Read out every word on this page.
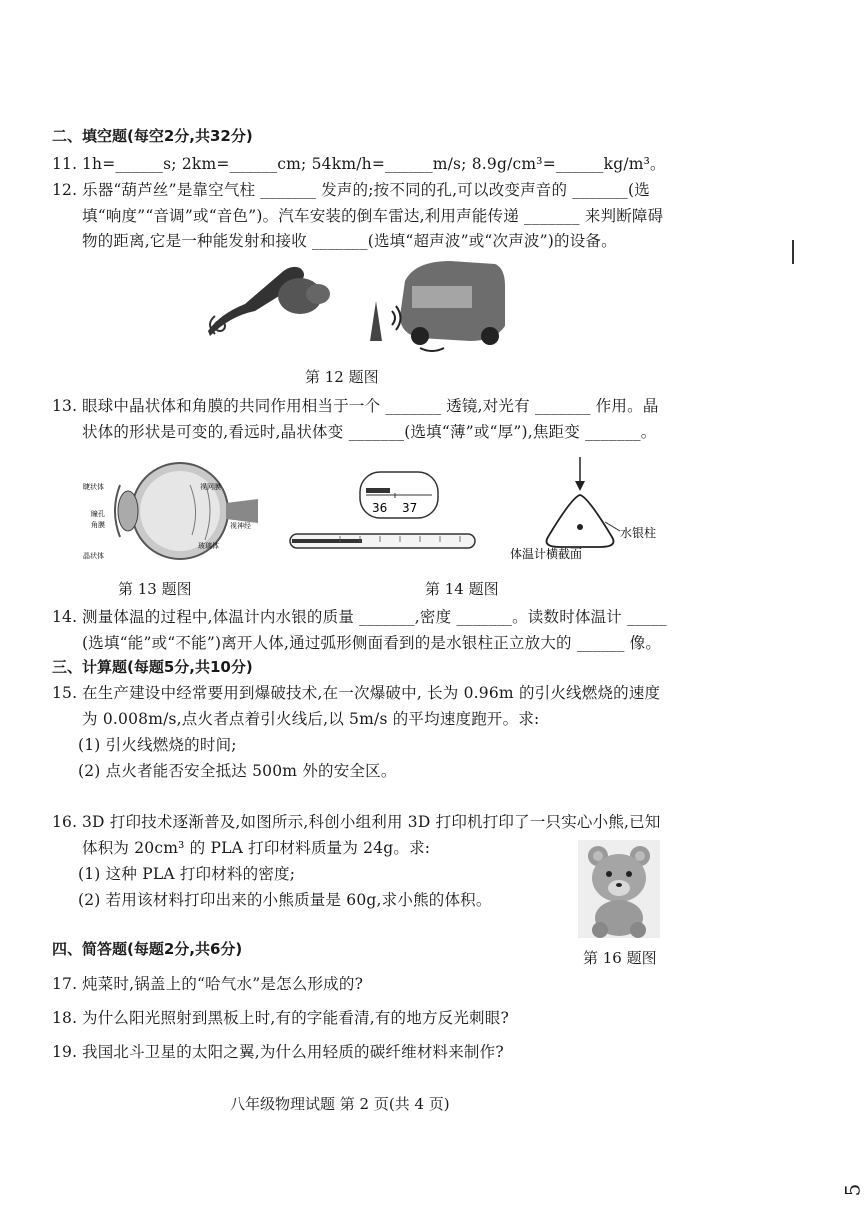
二、填空题(每空2分,共32分)
11. 1h=______s; 2km=______cm; 54km/h=______m/s; 8.9g/cm³=______kg/m³。
12. 乐器“葫芦丝”是靠空气柱 _______ 发声的;按不同的孔,可以改变声音的 _______(选
填“响度”“音调”或“音色”)。汽车安装的倒车雷达,利用声能传递 _______ 来判断障碍
物的距离,它是一种能发射和接收 _______(选填“超声波”或“次声波”)的设备。
第 12 题图
13. 眼球中晶状体和角膜的共同作用相当于一个 _______ 透镜,对光有 _______ 作用。晶
状体的形状是可变的,看远时,晶状体变 _______(选填“薄”或“厚”),焦距变 _______。
睫状体	视网膜
瞳孔
角膜	视神经
玻璃体
晶状体
36 37
水银柱
体温计横截面
第 13 题图	第 14 题图
14. 测量体温的过程中,体温计内水银的质量 _______,密度 _______。读数时体温计 _____
(选填“能”或“不能”)离开人体,通过弧形侧面看到的是水银柱正立放大的 ______ 像。
三、计算题(每题5分,共10分)
15. 在生产建设中经常要用到爆破技术,在一次爆破中, 长为 0.96m 的引火线燃烧的速度
为 0.008m/s,点火者点着引火线后,以 5m/s 的平均速度跑开。求:
(1) 引火线燃烧的时间;
(2) 点火者能否安全抵达 500m 外的安全区。
16. 3D 打印技术逐渐普及,如图所示,科创小组利用 3D 打印机打印了一只实心小熊,已知
体积为 20cm³ 的 PLA 打印材料质量为 24g。求:
(1) 这种 PLA 打印材料的密度;
(2) 若用该材料打印出来的小熊质量是 60g,求小熊的体积。
第 16 题图
四、简答题(每题2分,共6分)
17. 炖菜时,锅盖上的“哈气水”是怎么形成的?
18. 为什么阳光照射到黑板上时,有的字能看清,有的地方反光刺眼?
19. 我国北斗卫星的太阳之翼,为什么用轻质的碳纤维材料来制作?
八年级物理试题 第 2 页(共 4 页)
5
